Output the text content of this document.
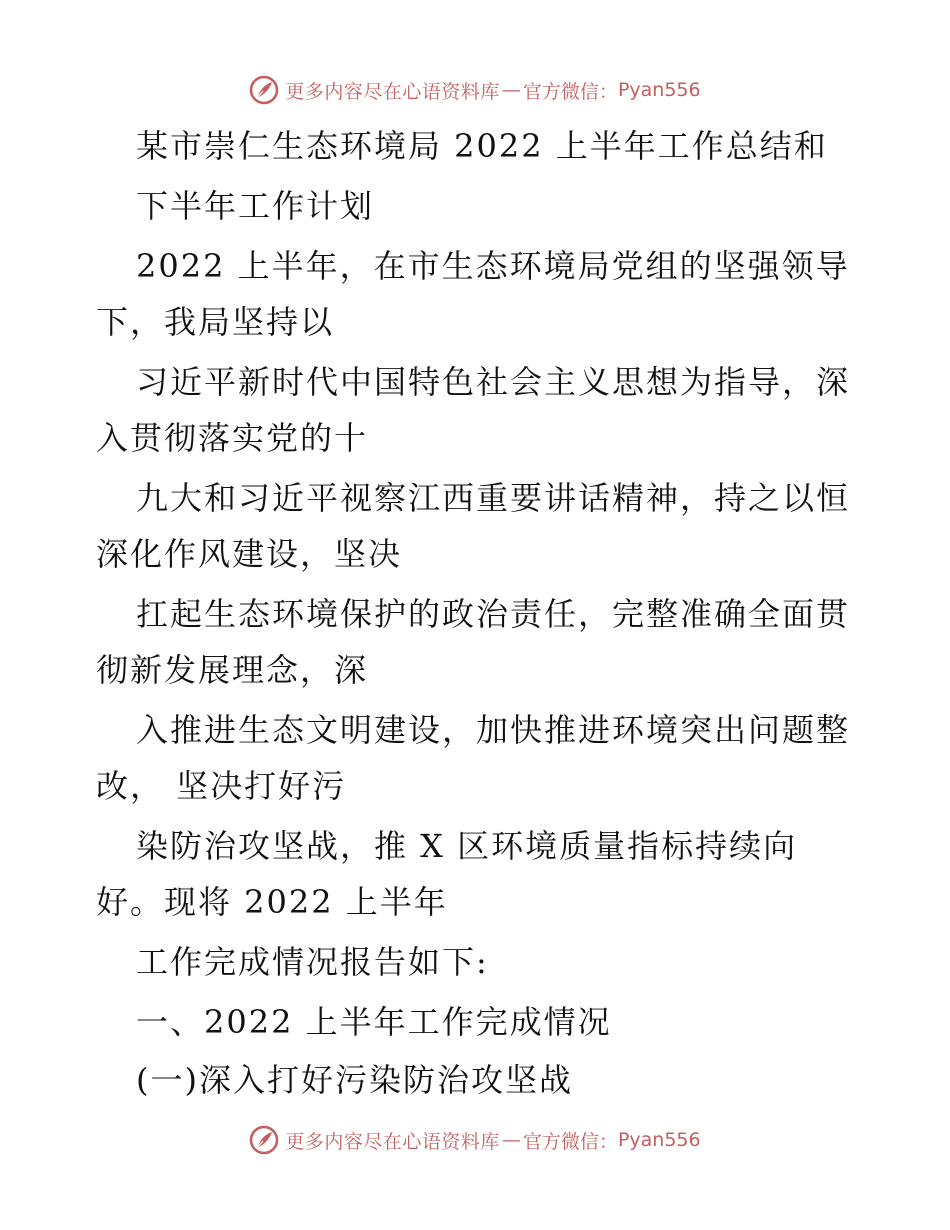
更多内容尽在心语资料库 — 官方微信： Pyan556
某市崇仁生态环境局 2022 上半年工作总结和
下半年工作计划
2022 上半年，在市生态环境局党组的坚强领导
下，我局坚持以
习近平新时代中国特色社会主义思想为指导，深
入贯彻落实党的十
九大和习近平视察江西重要讲话精神，持之以恒
深化作风建设，坚决
扛起生态环境保护的政治责任，完整准确全面贯
彻新发展理念，深
入推进生态文明建设，加快推进环境突出问题整
改， 坚决打好污
染防治攻坚战，推 X 区环境质量指标持续向
好。现将 2022 上半年
工作完成情况报告如下:
一、2022 上半年工作完成情况
(一)深入打好污染防治攻坚战
更多内容尽在心语资料库 — 官方微信： Pyan556
